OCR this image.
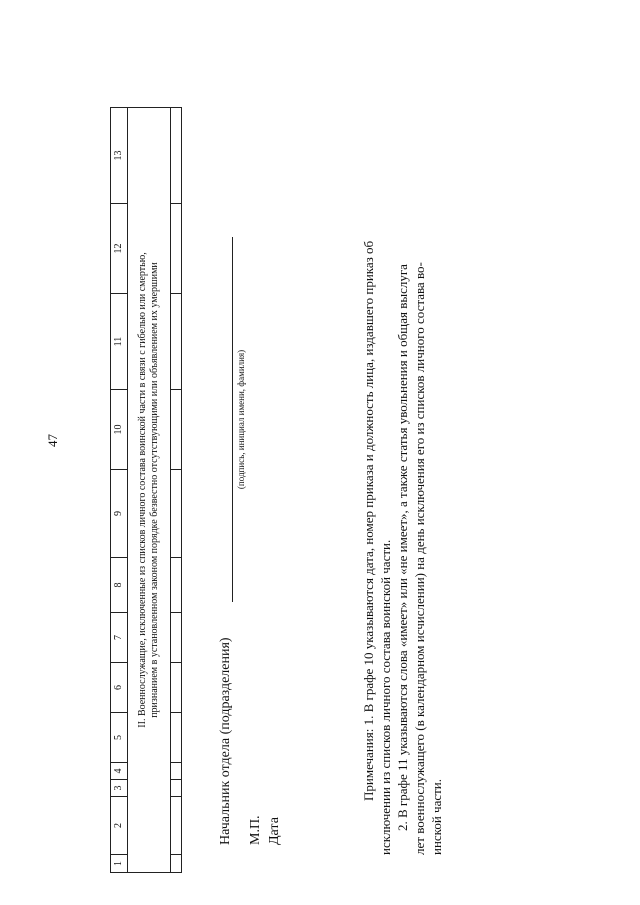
1	2	3	4	5	6	7	8	9	10	11	12	13

II. Военнослужащие, исключенные из списков личного состава воинской части в связи с гибелью или смертью, признанием в установленном законом порядке безвестно отсутствующими или объявлением их умершими												

Начальник отдела (подразделения)
(подпись, инициал имени, фамилия)
М.П. Дата
47	Примечания: 1. В графе 10 указываются дата, номер приказа и должность лица, издавшего приказ об исключении из списков личного состава воинской части. 2. В графе 11 указываются слова «имеет» или «не имеет», а также статья увольнения и общая выслуга лет военнослужащего (в календарном исчислении) на день исключения его из списков личного состава во- инской части.
